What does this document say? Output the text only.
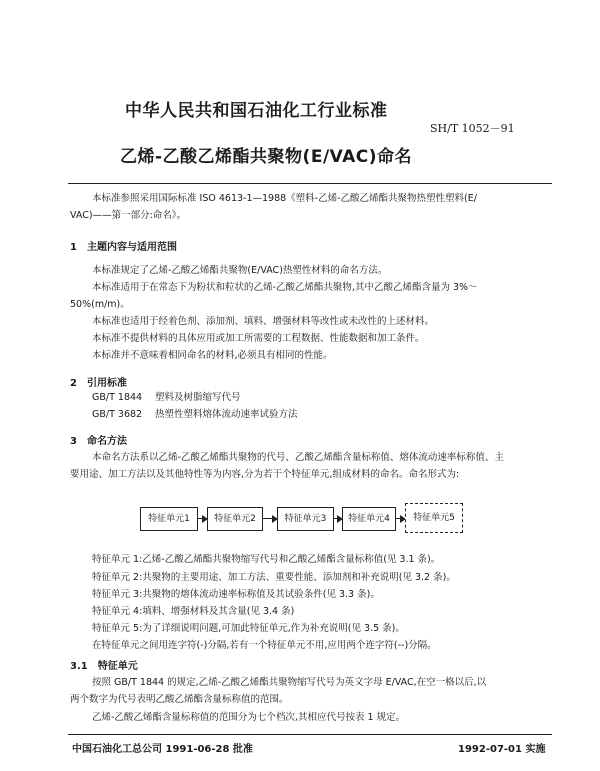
中华人民共和国石油化工行业标准
SH/T 1052－91
乙烯-乙酸乙烯酯共聚物(E/VAC)命名
本标准参照采用国际标准 ISO 4613-1—1988《塑料-乙烯-乙酸乙烯酯共聚物热塑性塑料(E/
VAC)——第一部分:命名》。
1　主题内容与适用范围
本标准规定了乙烯-乙酸乙烯酯共聚物(E/VAC)热塑性材料的命名方法。
本标准适用于在常态下为粉状和粒状的乙烯-乙酸乙烯酯共聚物,其中乙酸乙烯酯含量为 3%～
50%(m/m)。
本标准也适用于经着色剂、添加剂、填料、增强材料等改性或未改性的上述材料。
本标准不提供材料的具体应用或加工所需要的工程数据、性能数据和加工条件。
本标准并不意味着相同命名的材料,必须具有相同的性能。
2　引用标准
GB/T 1844 塑料及树脂缩写代号
GB/T 3682 热塑性塑料熔体流动速率试验方法
3　命名方法
本命名方法系以乙烯-乙酸乙烯酯共聚物的代号、乙酸乙烯酯含量标称值、熔体流动速率标称值、主
要用途、加工方法以及其他特性等为内容,分为若干个特征单元,组成材料的命名。命名形式为:
特征单元1	特征单元2	特征单元3	特征单元4	特征单元5
特征单元 1:乙烯-乙酸乙烯酯共聚物缩写代号和乙酸乙烯酯含量标称值(见 3.1 条)。
特征单元 2:共聚物的主要用途、加工方法、重要性能、添加剂和补充说明(见 3.2 条)。
特征单元 3:共聚物的熔体流动速率标称值及其试验条件(见 3.3 条)。
特征单元 4:填料、增强材料及其含量(见 3.4 条)
特征单元 5:为了详细说明问题,可加此特征单元,作为补充说明(见 3.5 条)。
在特征单元之间用连字符(-)分隔,若有一个特征单元不用,应用两个连字符(--)分隔。
3.1　特征单元
按照 GB/T 1844 的规定,乙烯-乙酸乙烯酯共聚物缩写代号为英文字母 E/VAC,在空一格以后,以
两个数字为代号表明乙酸乙烯酯含量标称值的范围。
乙烯-乙酸乙烯酯含量标称值的范围分为七个档次,其相应代号按表 1 规定。
中国石油化工总公司 1991-06-28 批准	1992-07-01 实施
